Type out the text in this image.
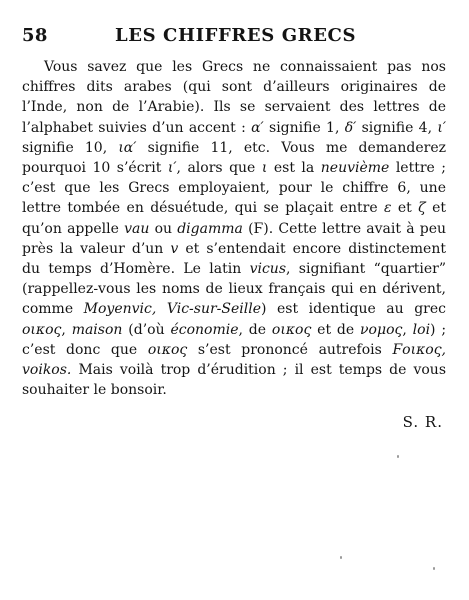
58	LES CHIFFRES GRECS

Vous savez que les Grecs ne connaissaient pas nos chiffres dits arabes (qui sont d’ailleurs originaires de l’Inde, non de l’Arabie). Ils se servaient des lettres de l’alphabet suivies d’un accent : α′ signifie 1, δ′ signifie 4, ι′ signifie 10, ια′ signifie 11, etc. Vous me demanderez pourquoi 10 s’écrit ι′, alors que ι est la neuvième lettre ; c’est que les Grecs employaient, pour le chiffre 6, une lettre tombée en désuétude, qui se plaçait entre ε et ζ et qu’on appelle vau ou digamma (Ϝ). Cette lettre avait à peu près la valeur d’un v et s’entendait encore distinctement du temps d’Homère. Le latin vicus, signifiant “quartier” (rappellez-vous les noms de lieux français qui en dérivent, comme Moyenvic, Vic-sur-Seille) est identique au grec οικος, maison (d’où économie, de οικος et de νομος, loi) ; c’est donc que οικος s’est prononcé autrefois Ϝοικος, voikos. Mais voilà trop d’érudition ; il est temps de vous souhaiter le bonsoir.

S. R.
